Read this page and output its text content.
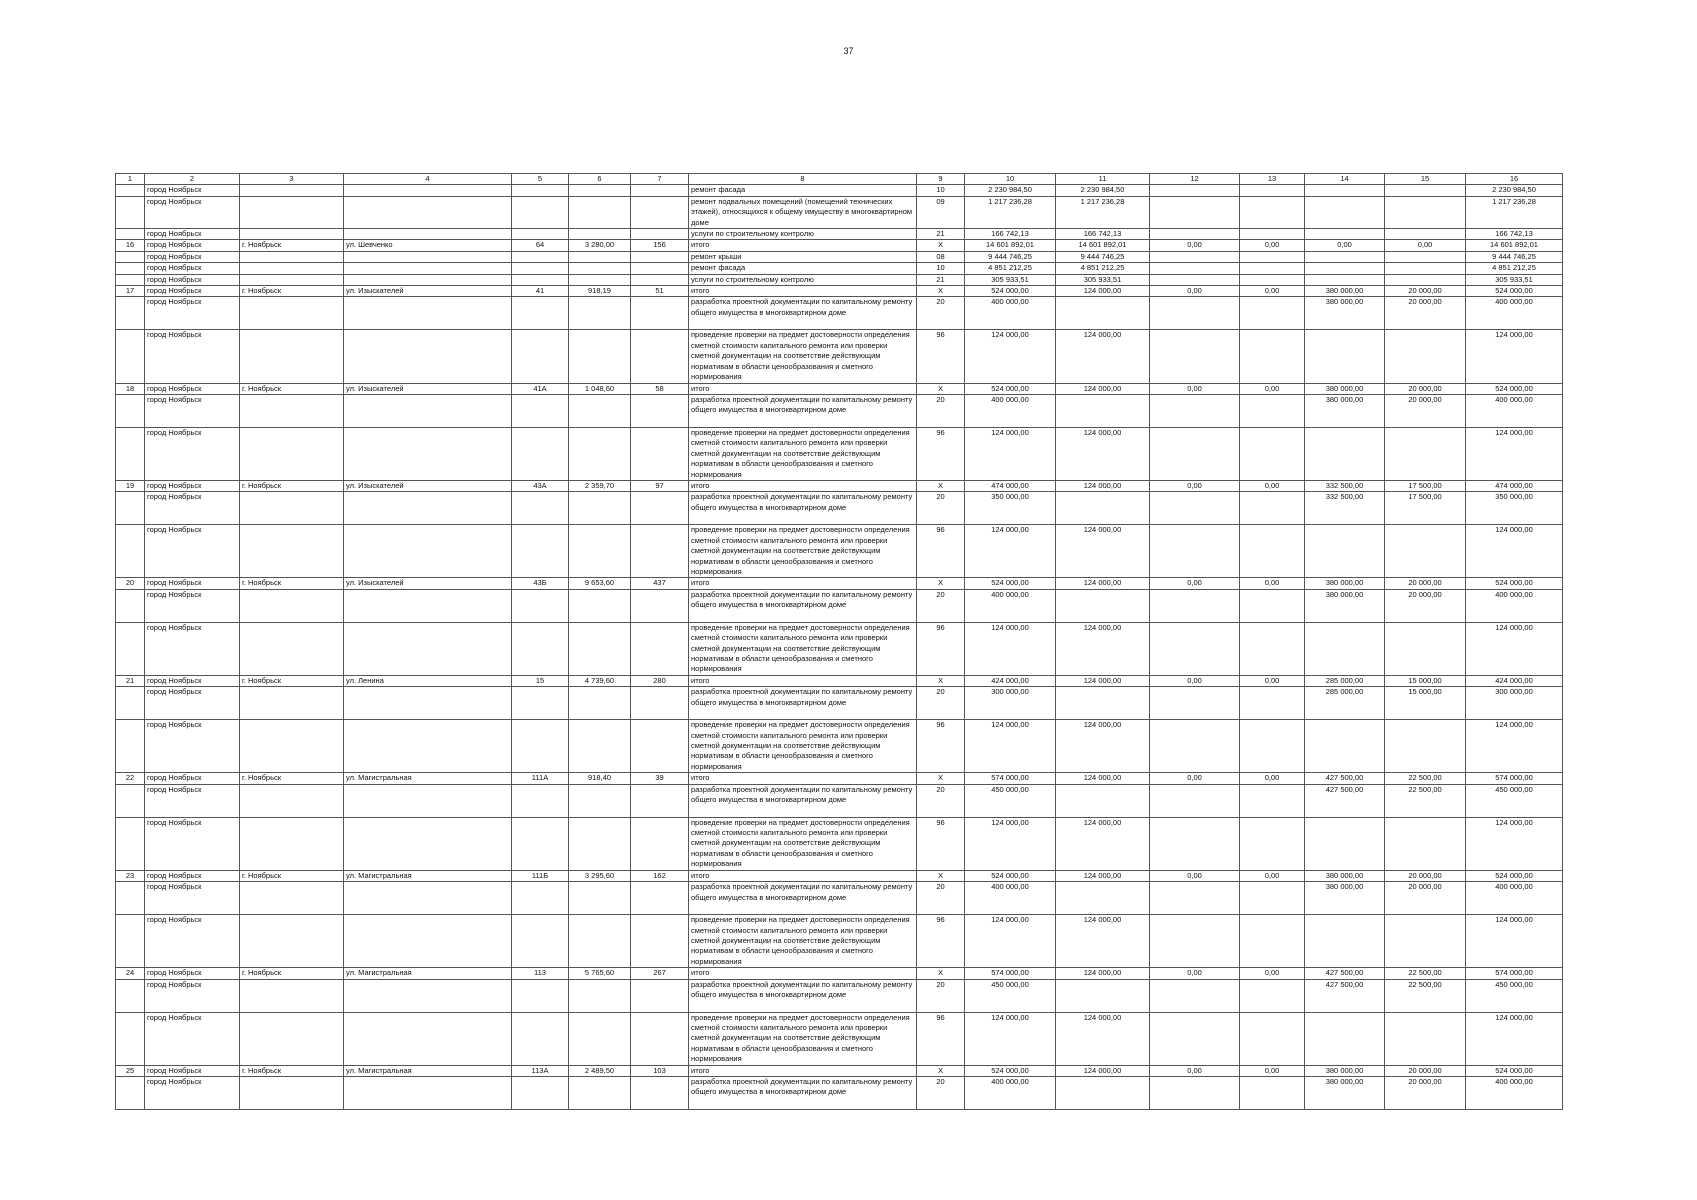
37
1	2	3	4	5	6	7	8	9	10	11	12	13	14	15	16
	город Ноябрьск						ремонт фасада	10	2 230 984,50	2 230 984,50					2 230 984,50
	город Ноябрьск						ремонт подвальных помещений (помещений технических этажей), относящихся к общему имуществу в многоквартирном доме	09	1 217 236,28	1 217 236,28					1 217 236,28
	город Ноябрьск						услуги по строительному контролю	21	166 742,13	166 742,13					166 742,13
16	город Ноябрьск	г. Ноябрьск	ул. Шевченко	64	3 280,00	156	итого	X	14 601 892,01	14 601 892,01	0,00	0,00	0,00	0,00	14 601 892,01
	город Ноябрьск						ремонт крыши	08	9 444 746,25	9 444 746,25					9 444 746,25
	город Ноябрьск						ремонт фасада	10	4 851 212,25	4 851 212,25					4 851 212,25
	город Ноябрьск						услуги по строительному контролю	21	305 933,51	305 933,51					305 933,51
17	город Ноябрьск	г. Ноябрьск	ул. Изыскателей	41	918,19	51	итого	X	524 000,00	124 000,00	0,00	0,00	380 000,00	20 000,00	524 000,00
	город Ноябрьск						разработка проектной документации по капитальному ремонту общего имущества в многоквартирном доме	20	400 000,00				380 000,00	20 000,00	400 000,00
	город Ноябрьск						проведение проверки на предмет достоверности определения сметной стоимости капитального ремонта или проверки сметной документации на соответствие действующим нормативам в области ценообразования и сметного нормирования	96	124 000,00	124 000,00					124 000,00
18	город Ноябрьск	г. Ноябрьск	ул. Изыскателей	41А	1 048,60	58	итого	X	524 000,00	124 000,00	0,00	0,00	380 000,00	20 000,00	524 000,00
	город Ноябрьск						разработка проектной документации по капитальному ремонту общего имущества в многоквартирном доме	20	400 000,00				380 000,00	20 000,00	400 000,00
	город Ноябрьск						проведение проверки на предмет достоверности определения сметной стоимости капитального ремонта или проверки сметной документации на соответствие действующим нормативам в области ценообразования и сметного нормирования	96	124 000,00	124 000,00					124 000,00
19	город Ноябрьск	г. Ноябрьск	ул. Изыскателей	43А	2 359,70	97	итого	X	474 000,00	124 000,00	0,00	0,00	332 500,00	17 500,00	474 000,00
	город Ноябрьск						разработка проектной документации по капитальному ремонту общего имущества в многоквартирном доме	20	350 000,00				332 500,00	17 500,00	350 000,00
	город Ноябрьск						проведение проверки на предмет достоверности определения сметной стоимости капитального ремонта или проверки сметной документации на соответствие действующим нормативам в области ценообразования и сметного нормирования	96	124 000,00	124 000,00					124 000,00
20	город Ноябрьск	г. Ноябрьск	ул. Изыскателей	43Б	9 653,60	437	итого	X	524 000,00	124 000,00	0,00	0,00	380 000,00	20 000,00	524 000,00
	город Ноябрьск						разработка проектной документации по капитальному ремонту общего имущества в многоквартирном доме	20	400 000,00				380 000,00	20 000,00	400 000,00
	город Ноябрьск						проведение проверки на предмет достоверности определения сметной стоимости капитального ремонта или проверки сметной документации на соответствие действующим нормативам в области ценообразования и сметного нормирования	96	124 000,00	124 000,00					124 000,00
21	город Ноябрьск	г. Ноябрьск	ул. Ленина	15	4 739,60	280	итого	X	424 000,00	124 000,00	0,00	0,00	285 000,00	15 000,00	424 000,00
	город Ноябрьск						разработка проектной документации по капитальному ремонту общего имущества в многоквартирном доме	20	300 000,00				285 000,00	15 000,00	300 000,00
	город Ноябрьск						проведение проверки на предмет достоверности определения сметной стоимости капитального ремонта или проверки сметной документации на соответствие действующим нормативам в области ценообразования и сметного нормирования	96	124 000,00	124 000,00					124 000,00
22	город Ноябрьск	г. Ноябрьск	ул. Магистральная	111А	918,40	39	итого	X	574 000,00	124 000,00	0,00	0,00	427 500,00	22 500,00	574 000,00
	город Ноябрьск						разработка проектной документации по капитальному ремонту общего имущества в многоквартирном доме	20	450 000,00				427 500,00	22 500,00	450 000,00
	город Ноябрьск						проведение проверки на предмет достоверности определения сметной стоимости капитального ремонта или проверки сметной документации на соответствие действующим нормативам в области ценообразования и сметного нормирования	96	124 000,00	124 000,00					124 000,00
23	город Ноябрьск	г. Ноябрьск	ул. Магистральная	111Б	3 295,60	162	итого	X	524 000,00	124 000,00	0,00	0,00	380 000,00	20 000,00	524 000,00
	город Ноябрьск						разработка проектной документации по капитальному ремонту общего имущества в многоквартирном доме	20	400 000,00				380 000,00	20 000,00	400 000,00
	город Ноябрьск						проведение проверки на предмет достоверности определения сметной стоимости капитального ремонта или проверки сметной документации на соответствие действующим нормативам в области ценообразования и сметного нормирования	96	124 000,00	124 000,00					124 000,00
24	город Ноябрьск	г. Ноябрьск	ул. Магистральная	113	5 765,60	267	итого	X	574 000,00	124 000,00	0,00	0,00	427 500,00	22 500,00	574 000,00
	город Ноябрьск						разработка проектной документации по капитальному ремонту общего имущества в многоквартирном доме	20	450 000,00				427 500,00	22 500,00	450 000,00
	город Ноябрьск						проведение проверки на предмет достоверности определения сметной стоимости капитального ремонта или проверки сметной документации на соответствие действующим нормативам в области ценообразования и сметного нормирования	96	124 000,00	124 000,00					124 000,00
25	город Ноябрьск	г. Ноябрьск	ул. Магистральная	113А	2 489,50	103	итого	X	524 000,00	124 000,00	0,00	0,00	380 000,00	20 000,00	524 000,00
	город Ноябрьск						разработка проектной документации по капитальному ремонту общего имущества в многоквартирном доме	20	400 000,00				380 000,00	20 000,00	400 000,00
